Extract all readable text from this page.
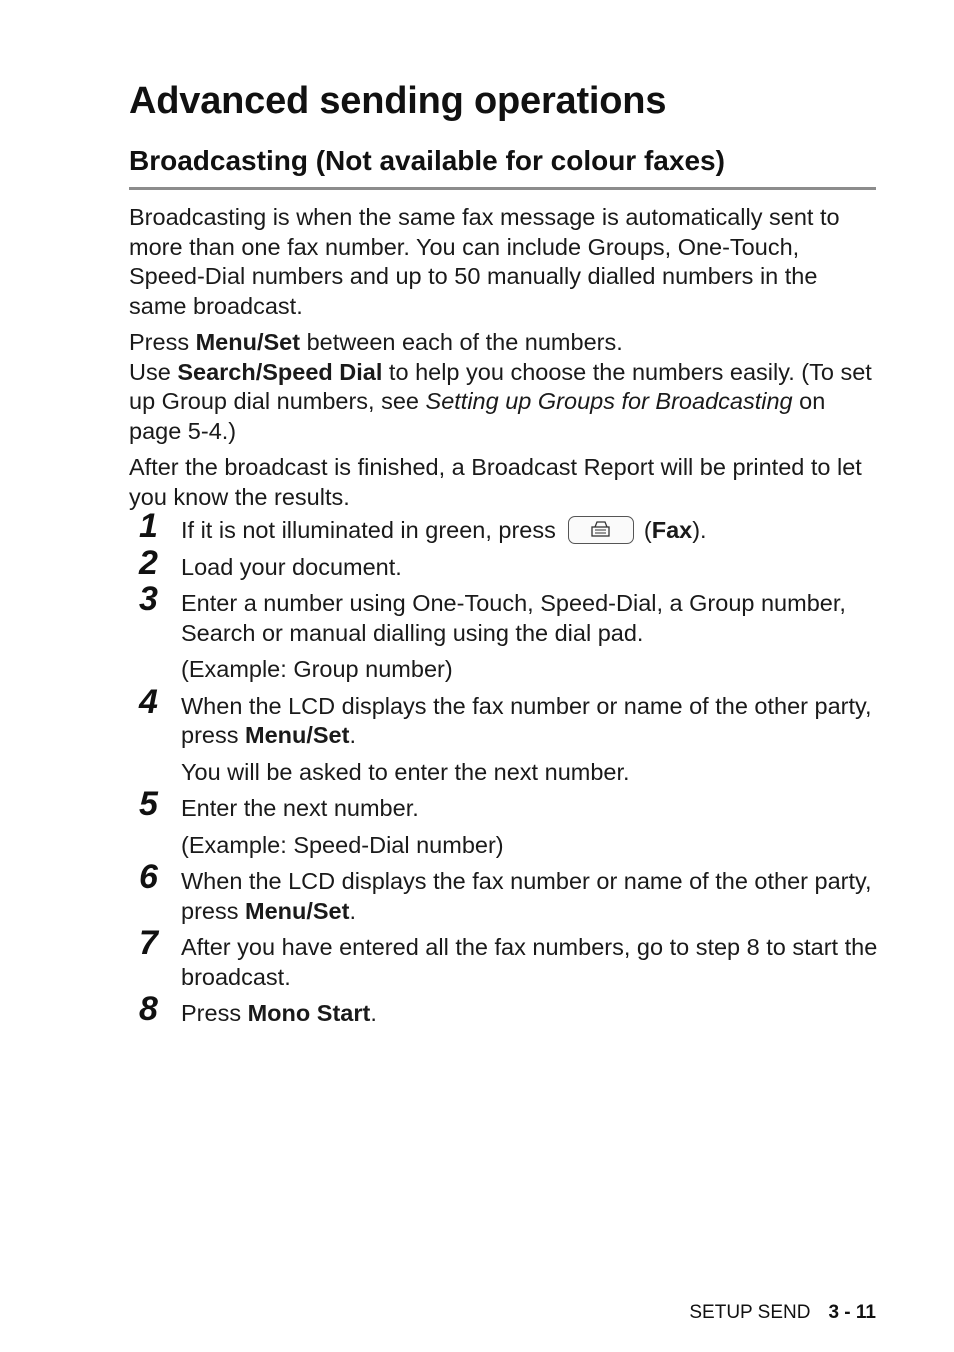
Advanced sending operations
Broadcasting (Not available for colour faxes)

Broadcasting is when the same fax message is automatically sent to more than one fax number. You can include Groups, One-Touch, Speed-Dial numbers and up to 50 manually dialled numbers in the same broadcast.

Press Menu/Set between each of the numbers.
Use Search/Speed Dial to help you choose the numbers easily. (To set up Group dial numbers, see Setting up Groups for Broadcasting on page 5-4.)

After the broadcast is finished, a Broadcast Report will be printed to let you know the results.

1 If it is not illuminated in green, press	(Fax).

2 Load your document.

3 Enter a number using One-Touch, Speed-Dial, a Group number, Search or manual dialling using the dial pad.

(Example: Group number)

4 When the LCD displays the fax number or name of the other party, press Menu/Set.

You will be asked to enter the next number.

5 Enter the next number.

(Example: Speed-Dial number)

6 When the LCD displays the fax number or name of the other party, press Menu/Set.

7 After you have entered all the fax numbers, go to step 8 to start the broadcast.

8 Press Mono Start.

SETUP SEND 3 - 11
